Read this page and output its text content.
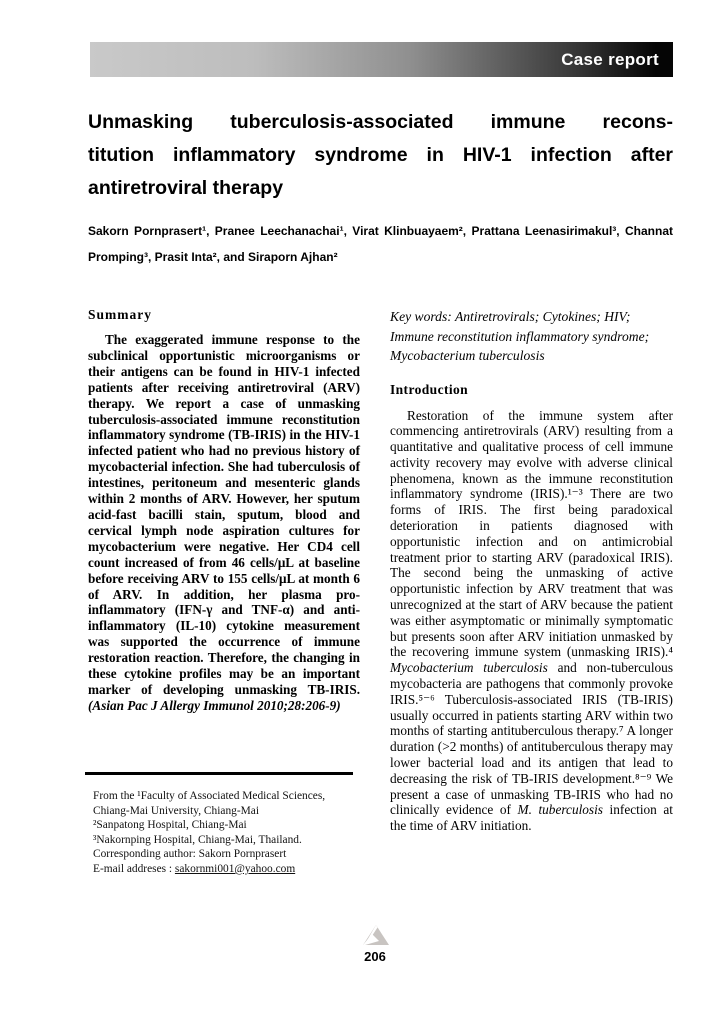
Case report
Unmasking tuberculosis-associated immune recons-
titution inflammatory syndrome in HIV-1 infection after
antiretroviral therapy

Sakorn Pornprasert¹, Pranee Leechanachai¹, Virat Klinbuayaem², Prattana Leenasirimakul³, Channat Promping³, Prasit Inta², and Siraporn Ajhan²

Summary

The exaggerated immune response to the subclinical opportunistic microorganisms or their antigens can be found in HIV-1 infected patients after receiving antiretroviral (ARV) therapy. We report a case of unmasking tuberculosis-associated immune reconstitution inflammatory syndrome (TB-IRIS) in the HIV-1 infected patient who had no previous history of mycobacterial infection. She had tuberculosis of intestines, peritoneum and mesenteric glands within 2 months of ARV. However, her sputum acid-fast bacilli stain, sputum, blood and cervical lymph node aspiration cultures for mycobacterium were negative. Her CD4 cell count increased of from 46 cells/μL at baseline before receiving ARV to 155 cells/μL at month 6 of ARV. In addition, her plasma pro-inflammatory (IFN-γ and TNF-α) and anti-inflammatory (IL-10) cytokine measurement was supported the occurrence of immune restoration reaction. Therefore, the changing in these cytokine profiles may be an important marker of developing unmasking TB-IRIS. (Asian Pac J Allergy Immunol 2010;28:206-9)

From the ¹Faculty of Associated Medical Sciences,
Chiang-Mai University, Chiang-Mai
²Sanpatong Hospital, Chiang-Mai
³Nakornping Hospital, Chiang-Mai, Thailand.
Corresponding author: Sakorn Pornprasert
E-mail addreses : sakornmi001@yahoo.com

Key words: Antiretrovirals; Cytokines; HIV; Immune reconstitution inflammatory syndrome; Mycobacterium tuberculosis

Introduction

Restoration of the immune system after commencing antiretrovirals (ARV) resulting from a quantitative and qualitative process of cell immune activity recovery may evolve with adverse clinical phenomena, known as the immune reconstitution inflammatory syndrome (IRIS).¹⁻³ There are two forms of IRIS. The first being paradoxical deterioration in patients diagnosed with opportunistic infection and on antimicrobial treatment prior to starting ARV (paradoxical IRIS). The second being the unmasking of active opportunistic infection by ARV treatment that was unrecognized at the start of ARV because the patient was either asymptomatic or minimally symptomatic but presents soon after ARV initiation unmasked by the recovering immune system (unmasking IRIS).⁴ Mycobacterium tuberculosis and non-tuberculous mycobacteria are pathogens that commonly provoke IRIS.⁵⁻⁶ Tuberculosis-associated IRIS (TB-IRIS) usually occurred in patients starting ARV within two months of starting antituberculous therapy.⁷ A longer duration (>2 months) of antituberculous therapy may lower bacterial load and its antigen that lead to decreasing the risk of TB-IRIS development.⁸⁻⁹ We present a case of unmasking TB-IRIS who had no clinically evidence of M. tuberculosis infection at the time of ARV initiation.

206
